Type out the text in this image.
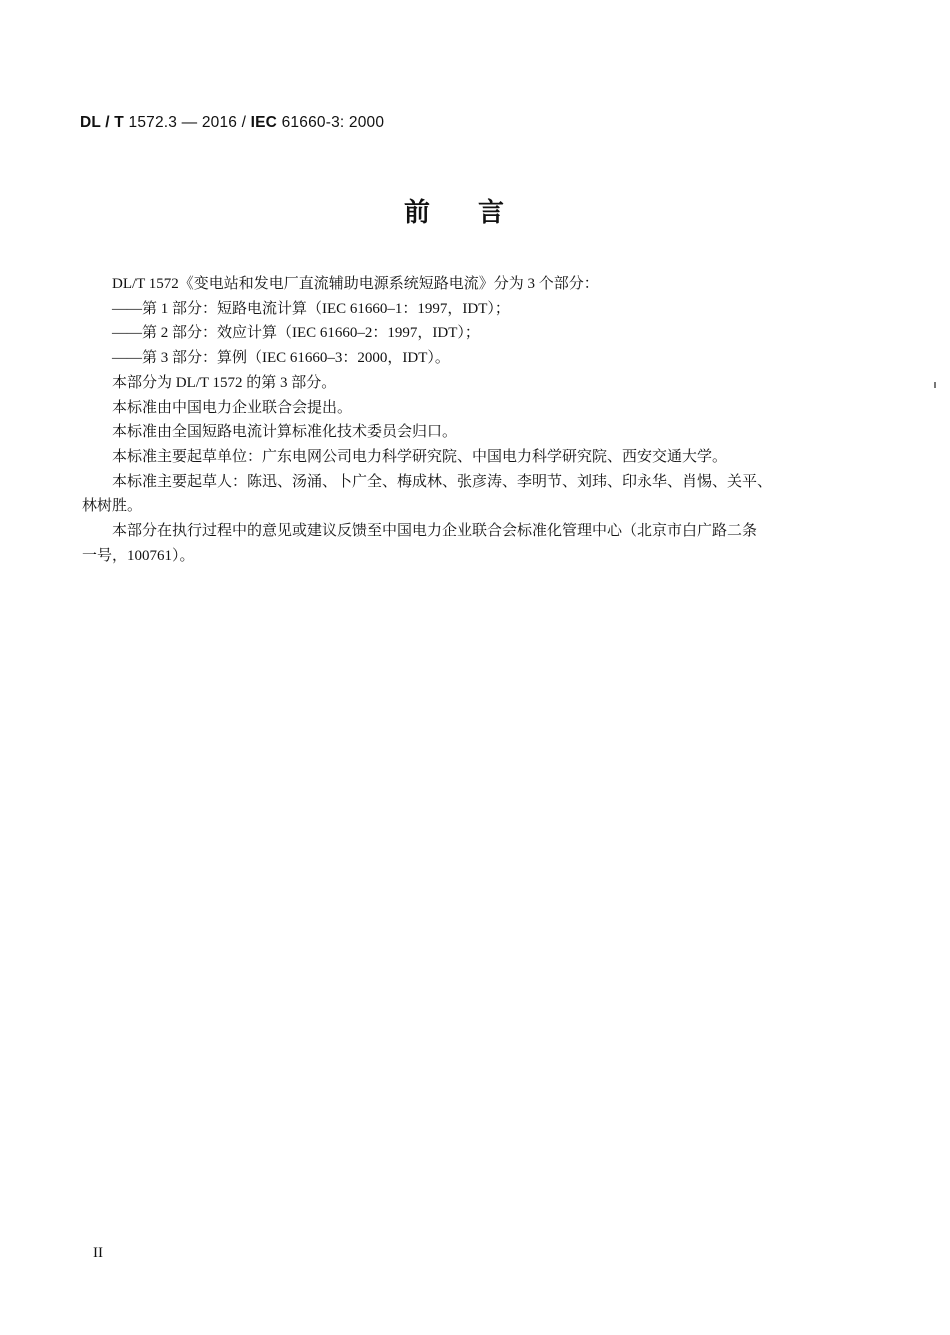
DL / T 1572.3 — 2016 / IEC 61660-3: 2000
前言

DL/T 1572《变电站和发电厂直流辅助电源系统短路电流》分为 3 个部分：

——第 1 部分：短路电流计算（IEC 61660–1：1997，IDT）；

——第 2 部分：效应计算（IEC 61660–2：1997，IDT）；

——第 3 部分：算例（IEC 61660–3：2000，IDT）。

本部分为 DL/T 1572 的第 3 部分。

本标准由中国电力企业联合会提出。

本标准由全国短路电流计算标准化技术委员会归口。

本标准主要起草单位：广东电网公司电力科学研究院、中国电力科学研究院、西安交通大学。

本标准主要起草人：陈迅、汤涌、卜广全、梅成林、张彦涛、李明节、刘玮、印永华、肖惕、关平、

林树胜。

本部分在执行过程中的意见或建议反馈至中国电力企业联合会标准化管理中心（北京市白广路二条

一号，100761）。

II
